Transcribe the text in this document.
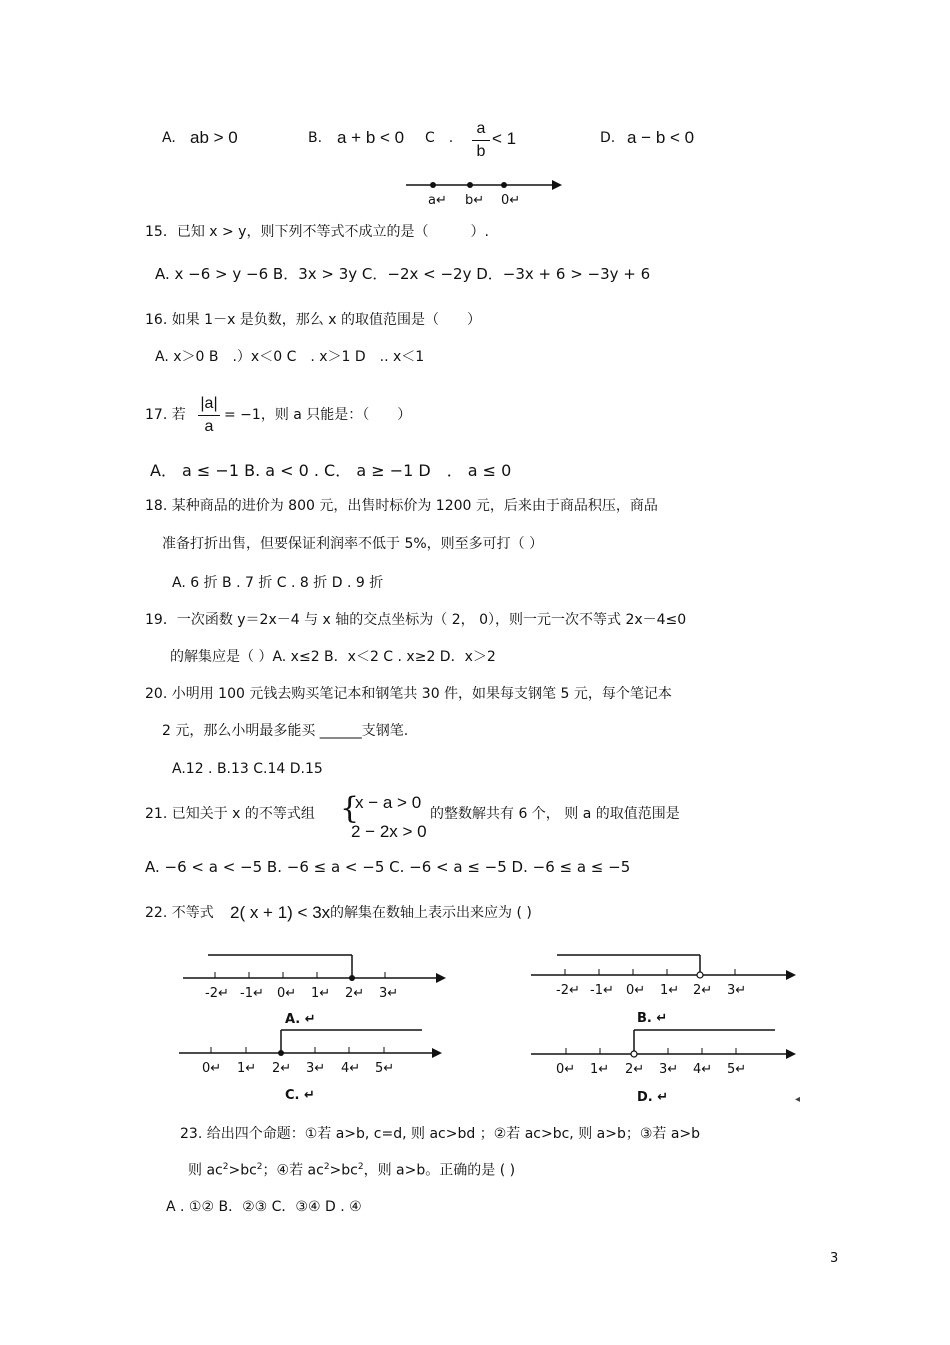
A. ab > 0	B. a + b < 0 C　.
a
b
< 1	D. a − b < 0
a↵ b↵ 0↵
-2↵ -1↵ 0↵ 1↵ 2↵ 3↵
A. ↵
-2↵ -1↵ 0↵ 1↵ 2↵ 3↵
B. ↵
0↵ 1↵ 2↵ 3↵ 4↵ 5↵
C. ↵
0↵ 1↵ 2↵ 3↵ 4↵ 5↵
D. ↵
15．已知 x > y，则下列不等式不成立的是（　　　）.
A. x −6 > y −6 B．3x > 3y C．−2x < −2y D．−3x + 6 > −3y + 6
16. 如果 1－x 是负数，那么 x 的取值范围是（　　）
A. x＞0 B　.）x＜0 C　. x＞1 D　.. x＜1
17. 若
|a|
a
= −1，则 a 只能是：（　　）
A． a ≤ −1 B. a < 0 . C． a ≥ −1 D　． a ≤ 0
18. 某种商品的进价为 800 元，出售时标价为 1200 元，后来由于商品积压，商品
准备打折出售，但要保证利润率不低于 5%，则至多可打（ ）
A. 6 折 B . 7 折 C . 8 折 D . 9 折
19．一次函数 y＝2x－4 与 x 轴的交点坐标为（ 2， 0），则一元一次不等式 2x－4≤0
的解集应是（ ）A. x≤2 B．x＜2 C . x≥2 D．x＞2
20. 小明用 100 元钱去购买笔记本和钢笔共 30 件，如果每支钢笔 5 元，每个笔记本
2 元，那么小明最多能买 ______支钢笔.
A.12 . B.13 C.14 D.15
21. 已知关于 x 的不等式组 {
x − a > 0
2 − 2x > 0
的整数解共有 6 个， 则 a 的取值范围是
A. −6 < a < −5 B. −6 ≤ a < −5 C. −6 < a ≤ −5 D. −6 ≤ a ≤ −5
22. 不等式 2( x + 1) < 3x 的解集在数轴上表示出来应为 ( )
◂
23. 给出四个命题：①若 a>b, c=d, 则 ac>bd ；②若 ac>bc, 则 a>b；③若 a>b
则 $ac^2>bc^2$；④若 $ac^2>bc^2$，则 a>b。正确的是 ( )
A . ①② B．②③ C．③④ D . ④
3
